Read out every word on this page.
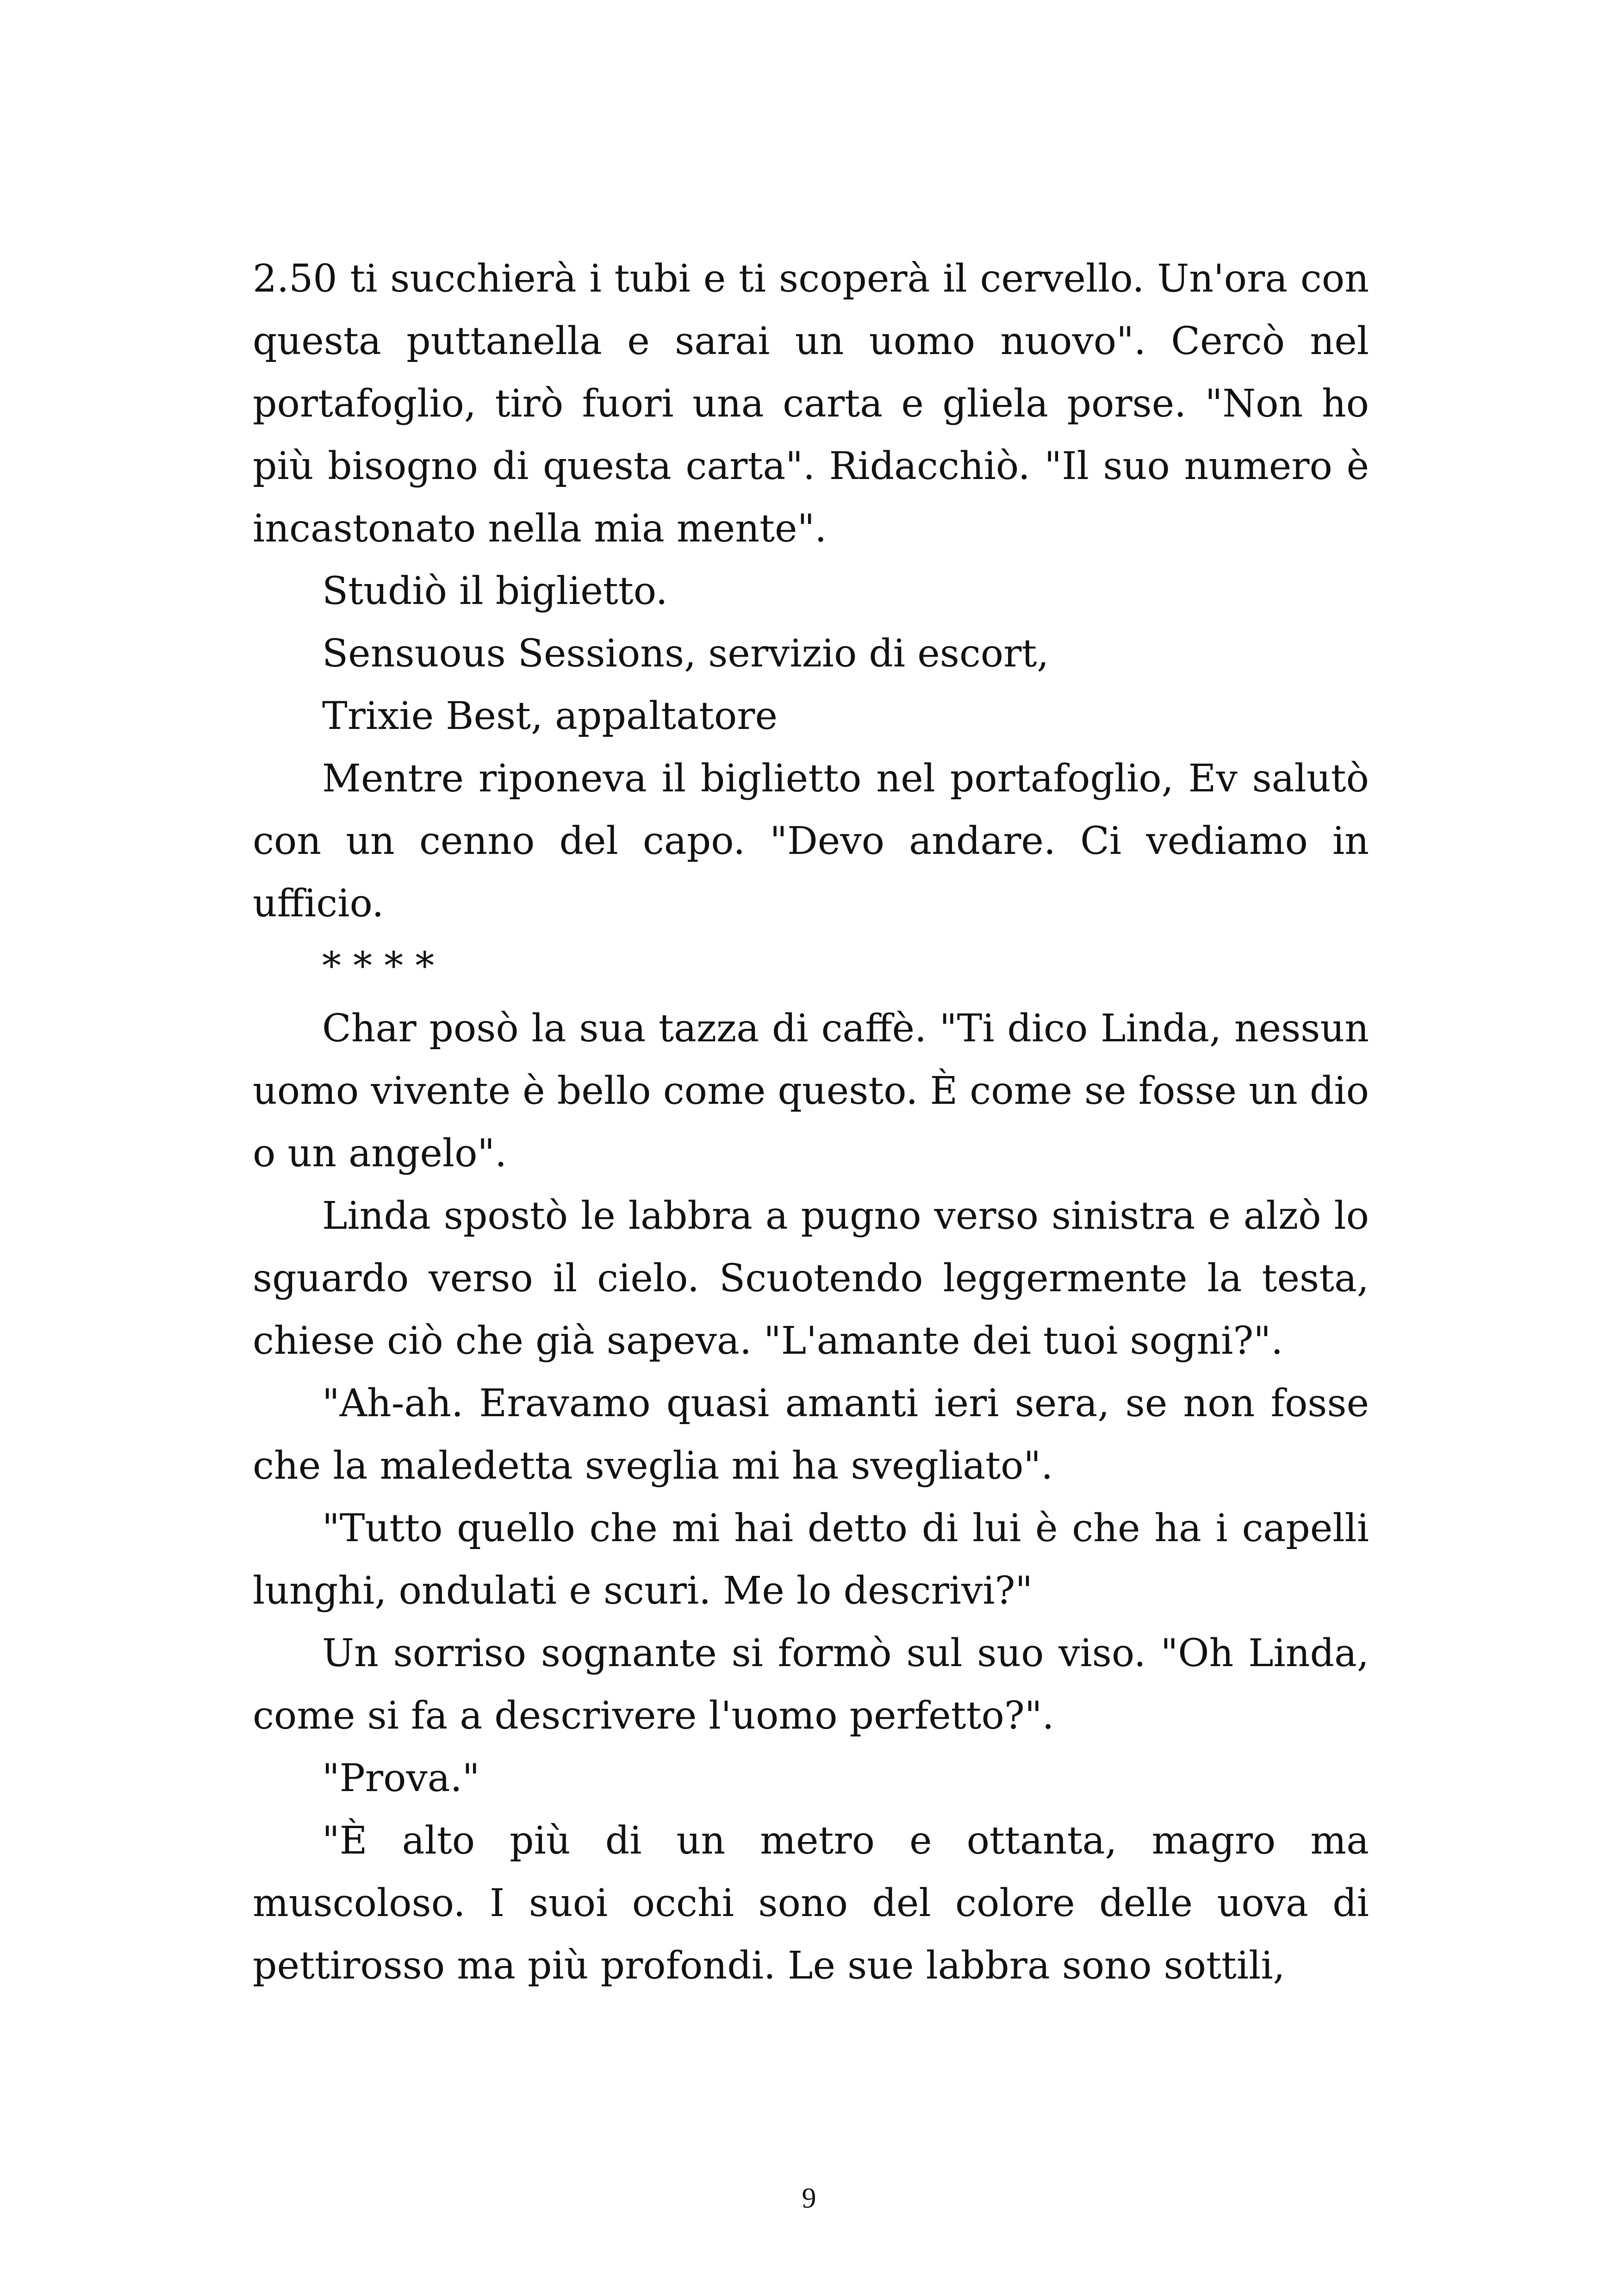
2.50 ti succhierà i tubi e ti scoperà il cervello. Un'ora con questa puttanella e sarai un uomo nuovo". Cercò nel portafoglio, tirò fuori una carta e gliela porse. "Non ho più bisogno di questa carta". Ridacchiò. "Il suo numero è incastonato nella mia mente".

Studiò il biglietto.

Sensuous Sessions, servizio di escort,

Trixie Best, appaltatore

Mentre riponeva il biglietto nel portafoglio, Ev salutò con un cenno del capo. "Devo andare. Ci vediamo in ufficio.

* * * *

Char posò la sua tazza di caffè. "Ti dico Linda, nessun uomo vivente è bello come questo. È come se fosse un dio o un angelo".

Linda spostò le labbra a pugno verso sinistra e alzò lo sguardo verso il cielo. Scuotendo leggermente la testa, chiese ciò che già sapeva. "L'amante dei tuoi sogni?".

"Ah-ah. Eravamo quasi amanti ieri sera, se non fosse che la maledetta sveglia mi ha svegliato".

"Tutto quello che mi hai detto di lui è che ha i capelli lunghi, ondulati e scuri. Me lo descrivi?"

Un sorriso sognante si formò sul suo viso. "Oh Linda, come si fa a descrivere l'uomo perfetto?".

"Prova."

"È alto più di un metro e ottanta, magro ma muscoloso. I suoi occhi sono del colore delle uova di pettirosso ma più profondi. Le sue labbra sono sottili,

9
